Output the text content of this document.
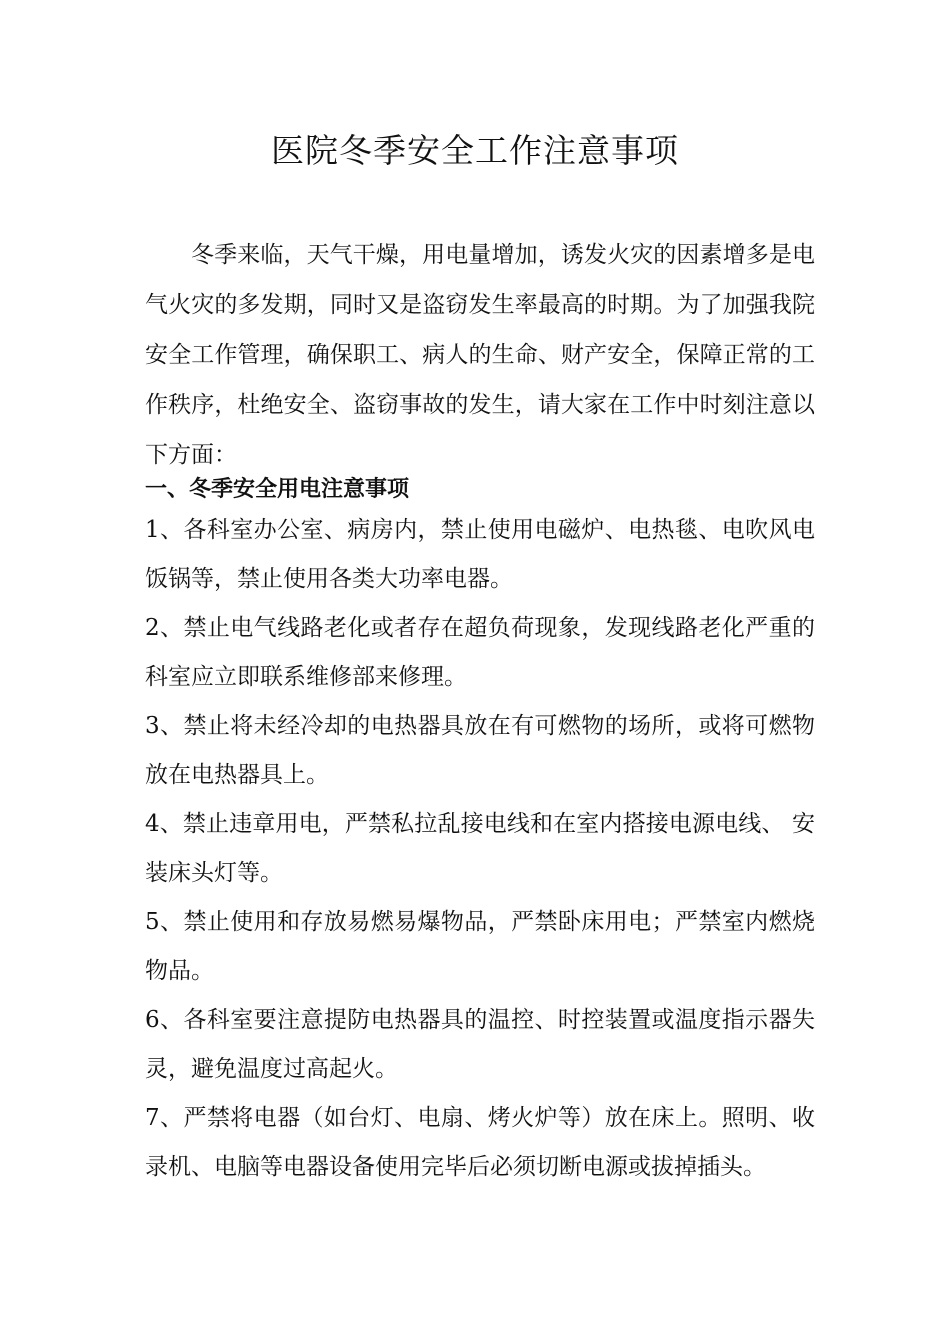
医院冬季安全工作注意事项

冬季来临，天气干燥，用电量增加，诱发火灾的因素增多是电气火灾的多发期，同时又是盗窃发生率最高的时期。为了加强我院安全工作管理，确保职工、病人的生命、财产安全，保障正常的工作秩序，杜绝安全、盗窃事故的发生，请大家在工作中时刻注意以下方面：

一、冬季安全用电注意事项
1、各科室办公室、病房内，禁止使用电磁炉、电热毯、电吹风电饭锅等，禁止使用各类大功率电器。
2、禁止电气线路老化或者存在超负荷现象，发现线路老化严重的科室应立即联系维修部来修理。
3、禁止将未经冷却的电热器具放在有可燃物的场所，或将可燃物放在电热器具上。
4、禁止违章用电，严禁私拉乱接电线和在室内搭接电源电线、 安装床头灯等。
5、禁止使用和存放易燃易爆物品，严禁卧床用电；严禁室内燃烧物品。
6、各科室要注意提防电热器具的温控、时控装置或温度指示器失灵，避免温度过高起火。
7、严禁将电器（如台灯、电扇、烤火炉等）放在床上。照明、收录机、电脑等电器设备使用完毕后必须切断电源或拔掉插头。
